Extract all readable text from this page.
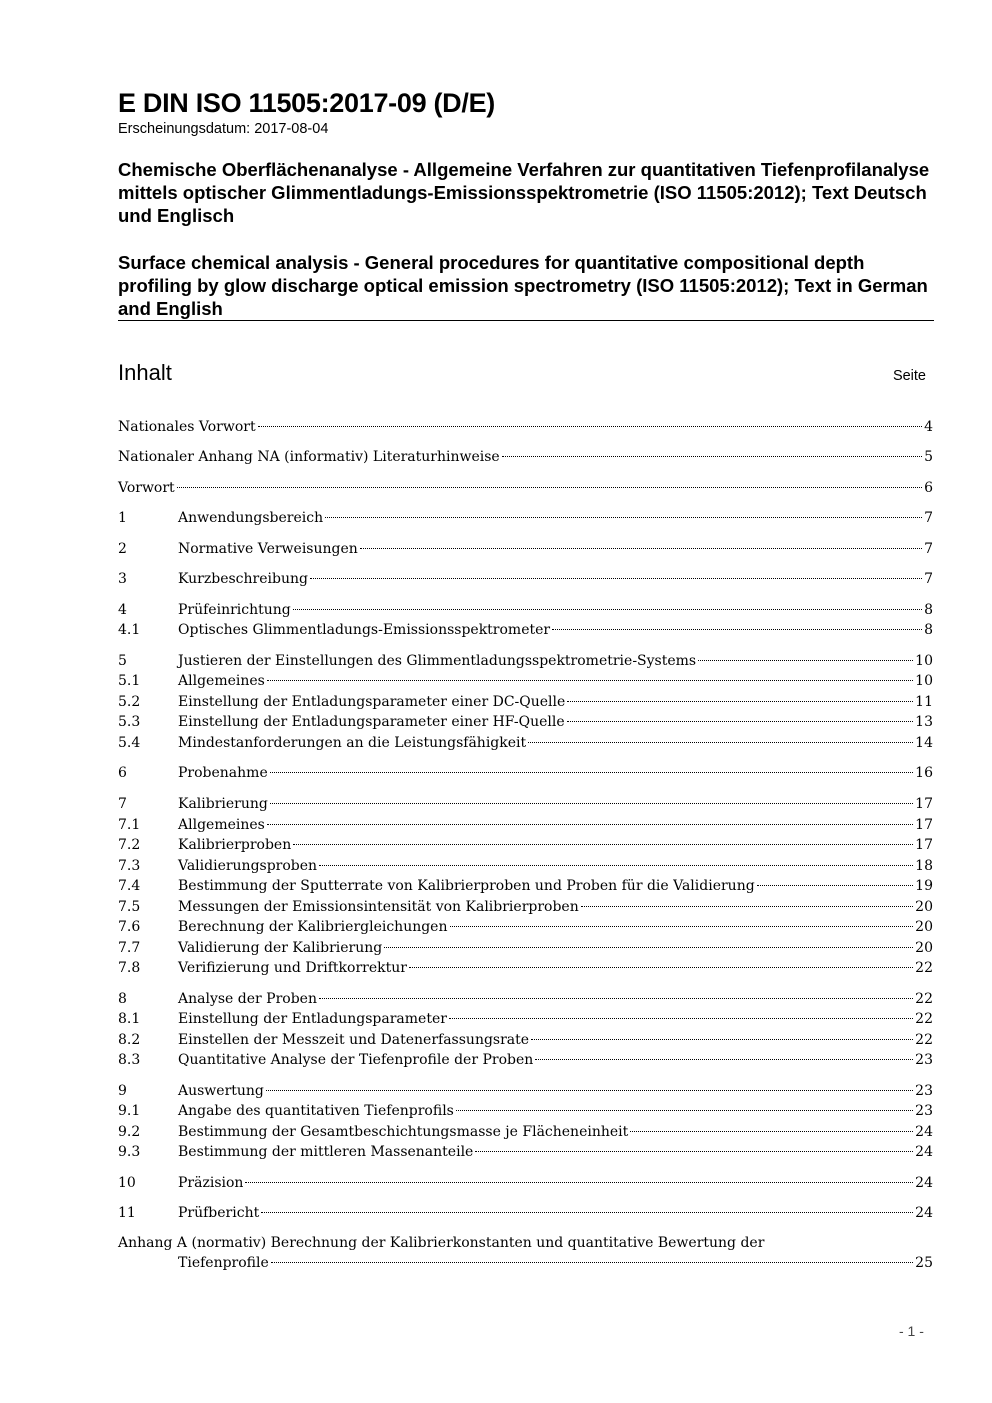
E DIN ISO 11505:2017-09 (D/E)
Erscheinungsdatum: 2017-08-04
Chemische Oberflächenanalyse - Allgemeine Verfahren zur quantitativen Tiefenprofilanalyse mittels optischer Glimmentladungs-Emissionsspektrometrie (ISO 11505:2012); Text Deutsch und Englisch
Surface chemical analysis - General procedures for quantitative compositional depth profiling by glow discharge optical emission spectrometry (ISO 11505:2012); Text in German and English
Inhalt	Seite
Nationales Vorwort	4
Nationaler Anhang NA (informativ) Literaturhinweise	5
Vorwort	6
1	Anwendungsbereich	7
2	Normative Verweisungen	7
3	Kurzbeschreibung	7
4	Prüfeinrichtung	8
4.1	Optisches Glimmentladungs-Emissionsspektrometer	8
5	Justieren der Einstellungen des Glimmentladungsspektrometrie-Systems	10
5.1	Allgemeines	10
5.2	Einstellung der Entladungsparameter einer DC-Quelle	11
5.3	Einstellung der Entladungsparameter einer HF-Quelle	13
5.4	Mindestanforderungen an die Leistungsfähigkeit	14
6	Probenahme	16
7	Kalibrierung	17
7.1	Allgemeines	17
7.2	Kalibrierproben	17
7.3	Validierungsproben	18
7.4	Bestimmung der Sputterrate von Kalibrierproben und Proben für die Validierung	19
7.5	Messungen der Emissionsintensität von Kalibrierproben	20
7.6	Berechnung der Kalibriergleichungen	20
7.7	Validierung der Kalibrierung	20
7.8	Verifizierung und Driftkorrektur	22
8	Analyse der Proben	22
8.1	Einstellung der Entladungsparameter	22
8.2	Einstellen der Messzeit und Datenerfassungsrate	22
8.3	Quantitative Analyse der Tiefenprofile der Proben	23
9	Auswertung	23
9.1	Angabe des quantitativen Tiefenprofils	23
9.2	Bestimmung der Gesamtbeschichtungsmasse je Flächeneinheit	24
9.3	Bestimmung der mittleren Massenanteile	24
10	Präzision	24
11	Prüfbericht	24
Anhang A (normativ) Berechnung der Kalibrierkonstanten und quantitative Bewertung der
Tiefenprofile	25
- 1 -
